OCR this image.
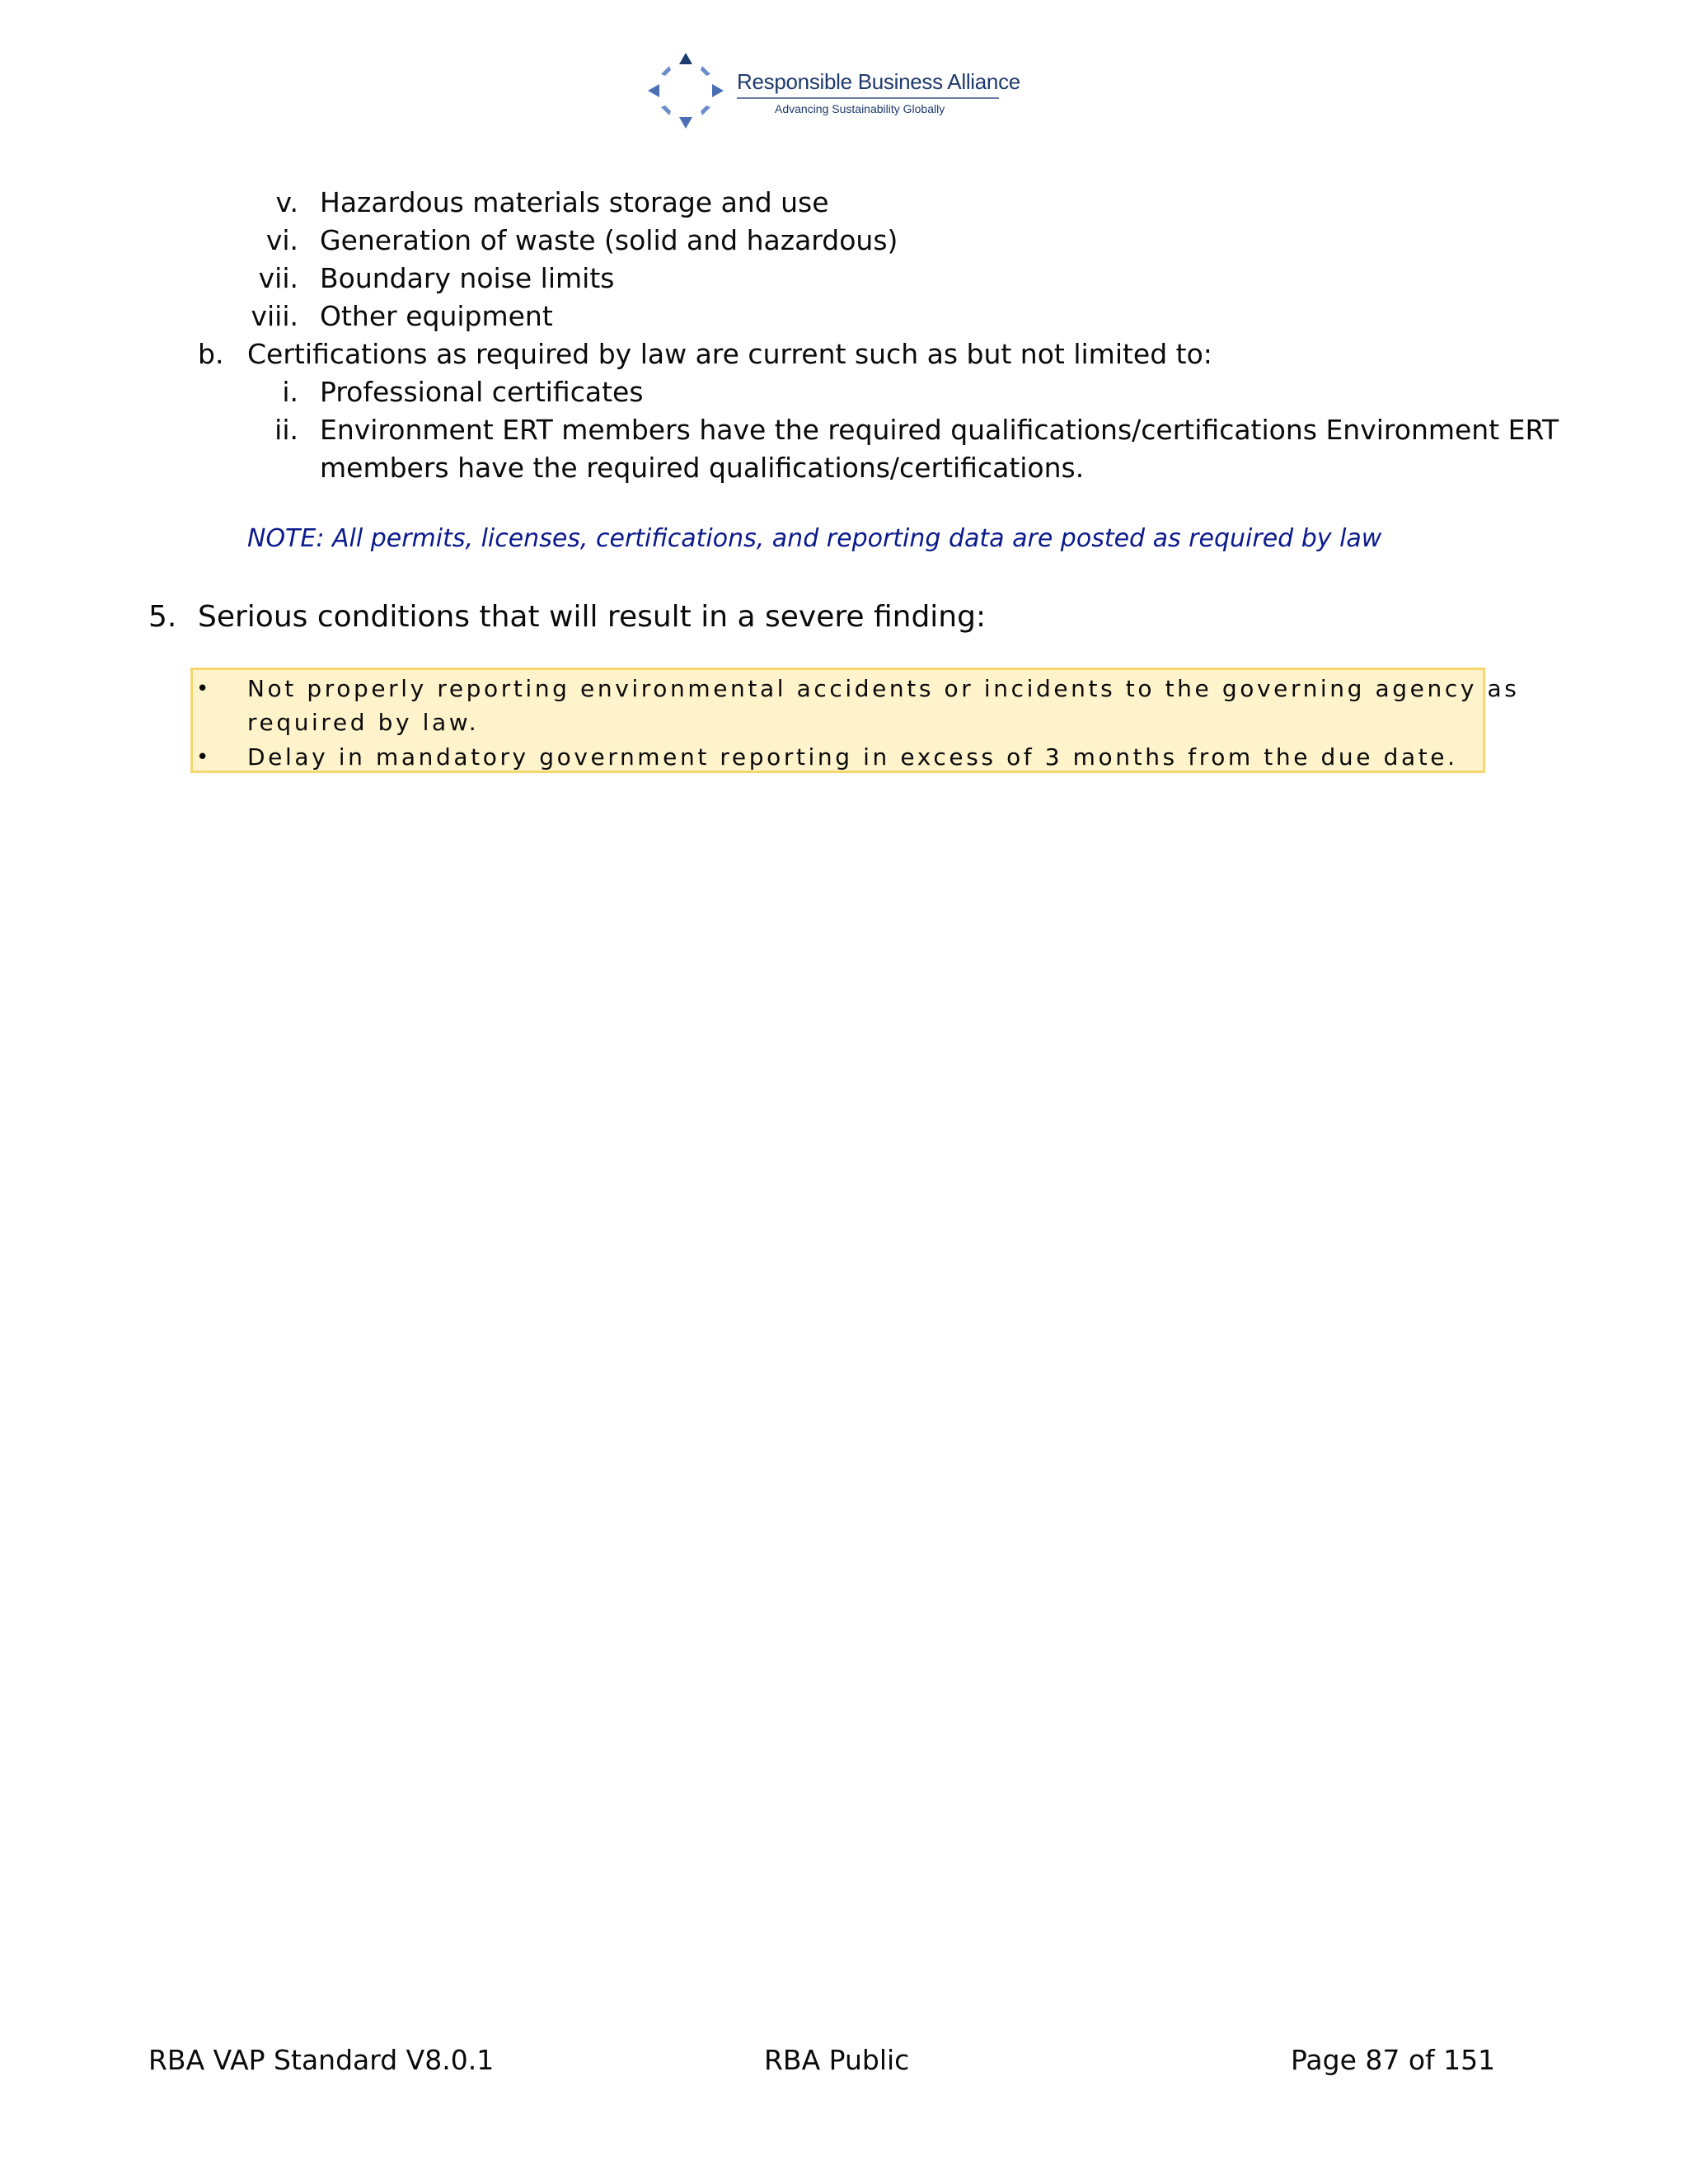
Responsible Business Alliance
Advancing Sustainability Globally
v. Hazardous materials storage and use
vi. Generation of waste (solid and hazardous)
vii. Boundary noise limits
viii. Other equipment
b. Certifications as required by law are current such as but not limited to:
i. Professional certificates
ii. Environment ERT members have the required qualifications/certifications Environment ERT
members have the required qualifications/certifications.
NOTE: All permits, licenses, certifications, and reporting data are posted as required by law
5. Serious conditions that will result in a severe finding:
• Not properly reporting environmental accidents or incidents to the governing agency as
required by law.
• Delay in mandatory government reporting in excess of 3 months from the due date.
RBA VAP Standard V8.0.1	RBA Public	Page 87 of 151
